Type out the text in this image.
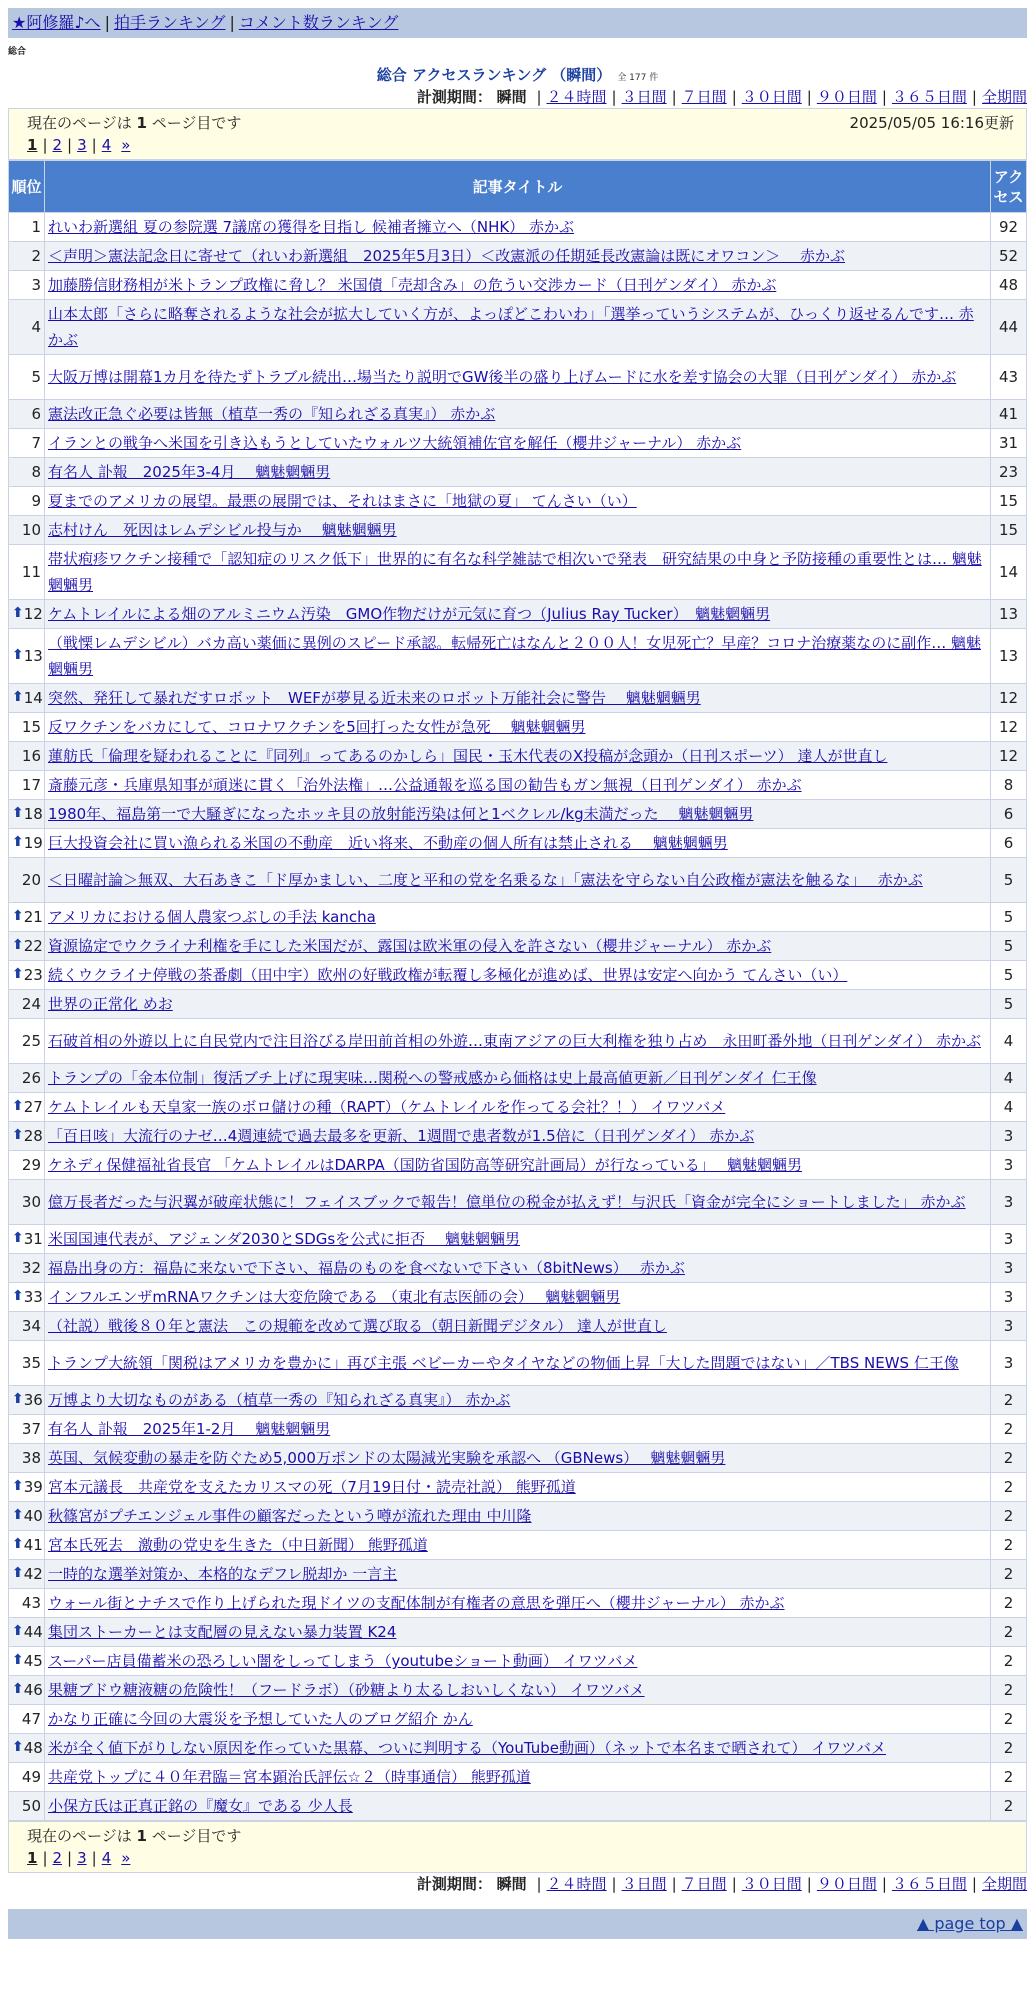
★阿修羅♪へ | 拍手ランキング | コメント数ランキング
総合
総合 アクセスランキング （瞬間） 全 177 件
計測期間： 瞬間 | ２４時間 | ３日間 | ７日間 | ３０日間 | ９０日間 | ３６５日間 | 全期間
現在のページは 1 ページ目です	2025/05/05 16:16更新
1 | 2 | 3 | 4 »
順位	記事タイトル	アクセス
1	れいわ新選組 夏の参院選 7議席の獲得を目指し 候補者擁立へ（NHK） 赤かぶ	92
2	＜声明＞憲法記念日に寄せて（れいわ新選組　2025年5月3日）＜改憲派の任期延長改憲論は既にオワコン＞　 赤かぶ	52
3	加藤勝信財務相が米トランプ政権に脅し？ 米国債「売却含み」の危うい交渉カード（日刊ゲンダイ） 赤かぶ	48
4	山本太郎「さらに略奪されるような社会が拡大していく方が、よっぽどこわいわ」「選挙っていうシステムが、ひっくり返せるんです… 赤かぶ	44
5	大阪万博は開幕1カ月を待たずトラブル続出…場当たり説明でGW後半の盛り上げムードに水を差す協会の大罪（日刊ゲンダイ） 赤かぶ	43
6	憲法改正急ぐ必要は皆無（植草一秀の『知られざる真実』） 赤かぶ	41
7	イランとの戦争へ米国を引き込もうとしていたウォルツ大統領補佐官を解任（櫻井ジャーナル） 赤かぶ	31
8	有名人 訃報　2025年3-4月　 魑魅魍魎男	23
9	夏までのアメリカの展望。最悪の展開では、それはまさに「地獄の夏」 てんさい（い）	15
10	志村けん　死因はレムデシビル投与か　 魑魅魍魎男	15
11	帯状疱疹ワクチン接種で「認知症のリスク低下」世界的に有名な科学雑誌で相次いで発表　研究結果の中身と予防接種の重要性とは… 魑魅魍魎男	14

⬆ 12	ケムトレイルによる畑のアルミニウム汚染　GMO作物だけが元気に育つ（Julius Ray Tucker）　魑魅魍魎男	13

⬆ 13	（戦慄レムデシビル）バカ高い薬価に異例のスピード承認。転帰死亡はなんと２００人！女児死亡？早産？コロナ治療薬なのに副作… 魑魅魍魎男	13

⬆ 14	突然、発狂して暴れだすロボット　WEFが夢見る近未来のロボット万能社会に警告　 魑魅魍魎男	12
15	反ワクチンをバカにして、コロナワクチンを5回打った女性が急死　 魑魅魍魎男	12
16	蓮舫氏「倫理を疑われることに『同列』ってあるのかしら」国民・玉木代表のX投稿が念頭か（日刊スポーツ） 達人が世直し	12
17	斎藤元彦・兵庫県知事が頑迷に貫く「治外法権」…公益通報を巡る国の勧告もガン無視（日刊ゲンダイ） 赤かぶ	8

⬆ 18	1980年、福島第一で大騒ぎになったホッキ貝の放射能汚染は何と1ベクレル/kg未満だった　 魑魅魍魎男	6

⬆ 19	巨大投資会社に買い漁られる米国の不動産　近い将来、不動産の個人所有は禁止される　 魑魅魍魎男	6
20	＜日曜討論＞無双、大石あきこ「ド厚かましい、二度と平和の党を名乗るな」「憲法を守らない自公政権が憲法を触るな」　 赤かぶ	5

⬆ 21	アメリカにおける個人農家つぶしの手法 kancha	5

⬆ 22	資源協定でウクライナ利権を手にした米国だが、露国は欧米軍の侵入を許さない（櫻井ジャーナル） 赤かぶ	5

⬆ 23	続くウクライナ停戦の茶番劇（田中宇）欧州の好戦政権が転覆し多極化が進めば、世界は安定へ向かう てんさい（い）	5
24	世界の正常化 めお	5
25	石破首相の外遊以上に自民党内で注目浴びる岸田前首相の外遊…東南アジアの巨大利権を独り占め　永田町番外地（日刊ゲンダイ） 赤かぶ	4
26	トランプの「金本位制」復活ブチ上げに現実味…関税への警戒感から価格は史上最高値更新／日刊ゲンダイ 仁王像	4

⬆ 27	ケムトレイルも天皇家一族のボロ儲けの種（RAPT）（ケムトレイルを作ってる会社？！） イワツバメ	4

⬆ 28	「百日咳」大流行のナゼ…4週連続で過去最多を更新、1週間で患者数が1.5倍に（日刊ゲンダイ） 赤かぶ	3
29	ケネディ保健福祉省長官 「ケムトレイルはDARPA（国防省国防高等研究計画局）が行なっている」　 魑魅魍魎男	3
30	億万長者だった与沢翼が破産状態に！フェイスブックで報告！億単位の税金が払えず！与沢氏「資金が完全にショートしました」 赤かぶ	3

⬆ 31	米国国連代表が、アジェンダ2030とSDGsを公式に拒否　 魑魅魍魎男	3
32	福島出身の方：福島に来ないで下さい、福島のものを食べないで下さい（8bitNews）　 赤かぶ	3

⬆ 33	インフルエンザmRNAワクチンは大変危険である （東北有志医師の会）　 魑魅魍魎男	3
34	（社説）戦後８０年と憲法　この規範を改めて選び取る（朝日新聞デジタル） 達人が世直し	3
35	トランプ大統領「関税はアメリカを豊かに」再び主張 ベビーカーやタイヤなどの物価上昇「大した問題ではない」／TBS NEWS 仁王像	3

⬆ 36	万博より大切なものがある（植草一秀の『知られざる真実』） 赤かぶ	2
37	有名人 訃報　2025年1-2月　 魑魅魍魎男	2
38	英国、気候変動の暴走を防ぐため5,000万ポンドの太陽減光実験を承認へ （GBNews）　 魑魅魍魎男	2

⬆ 39	宮本元議長　共産党を支えたカリスマの死（7月19日付・読売社説） 熊野孤道	2

⬆ 40	秋篠宮がプチエンジェル事件の顧客だったという噂が流れた理由 中川隆	2

⬆ 41	宮本氏死去　激動の党史を生きた（中日新聞） 熊野孤道	2

⬆ 42	一時的な選挙対策か、本格的なデフレ脱却か 一言主	2
43	ウォール街とナチスで作り上げられた現ドイツの支配体制が有権者の意思を弾圧へ（櫻井ジャーナル） 赤かぶ	2

⬆ 44	集団ストーカーとは支配層の見えない暴力装置 K24	2

⬆ 45	スーパー店員備蓄米の恐ろしい闇をしってしまう（youtubeショート動画） イワツバメ	2

⬆ 46	果糖ブドウ糖液糖の危険性！（フードラボ）（砂糖より太るしおいしくない） イワツバメ	2
47	かなり正確に今回の大震災を予想していた人のブログ紹介 かん	2

⬆ 48	米が全く値下がりしない原因を作っていた黒幕、ついに判明する（YouTube動画）（ネットで本名まで晒されて） イワツバメ	2
49	共産党トップに４０年君臨＝宮本顕治氏評伝☆２（時事通信） 熊野孤道	2
50	小保方氏は正真正銘の『魔女』である 少人長	2
現在のページは 1 ページ目です
1 | 2 | 3 | 4 »
計測期間： 瞬間 | ２４時間 | ３日間 | ７日間 | ３０日間 | ９０日間 | ３６５日間 | 全期間
▲ page top ▲
